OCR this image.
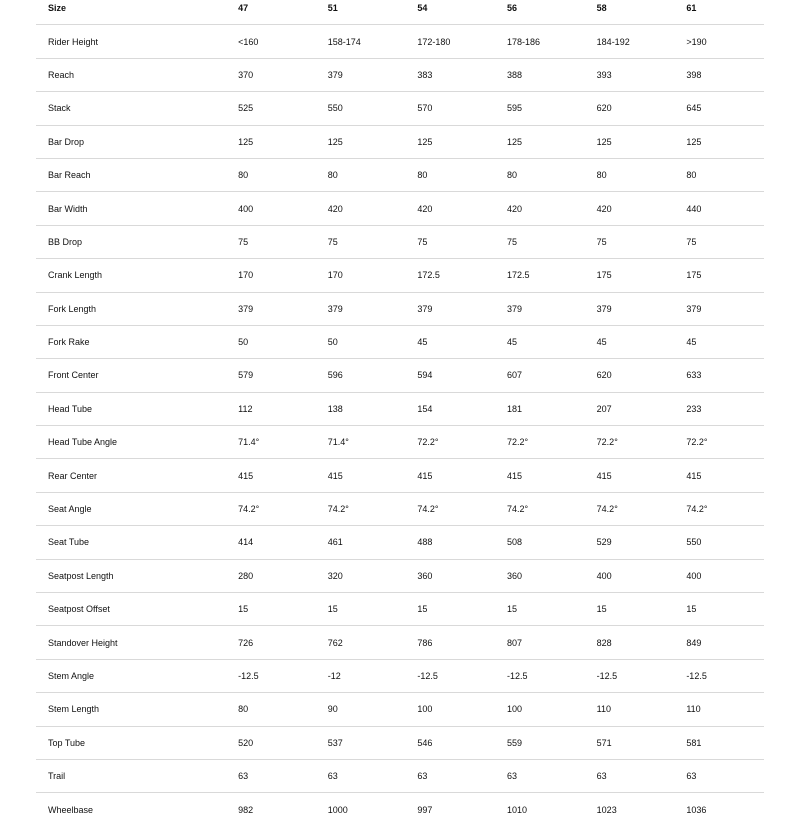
Size	47	51	54	56	58	61
Rider Height	<160	158-174	172-180	178-186	184-192	>190
Reach	370	379	383	388	393	398
Stack	525	550	570	595	620	645
Bar Drop	125	125	125	125	125	125
Bar Reach	80	80	80	80	80	80
Bar Width	400	420	420	420	420	440
BB Drop	75	75	75	75	75	75
Crank Length	170	170	172.5	172.5	175	175
Fork Length	379	379	379	379	379	379
Fork Rake	50	50	45	45	45	45
Front Center	579	596	594	607	620	633
Head Tube	112	138	154	181	207	233
Head Tube Angle	71.4°	71.4°	72.2°	72.2°	72.2°	72.2°
Rear Center	415	415	415	415	415	415
Seat Angle	74.2°	74.2°	74.2°	74.2°	74.2°	74.2°
Seat Tube	414	461	488	508	529	550
Seatpost Length	280	320	360	360	400	400
Seatpost Offset	15	15	15	15	15	15
Standover Height	726	762	786	807	828	849
Stem Angle	-12.5	-12	-12.5	-12.5	-12.5	-12.5
Stem Length	80	90	100	100	110	110
Top Tube	520	537	546	559	571	581
Trail	63	63	63	63	63	63
Wheelbase	982	1000	997	1010	1023	1036
